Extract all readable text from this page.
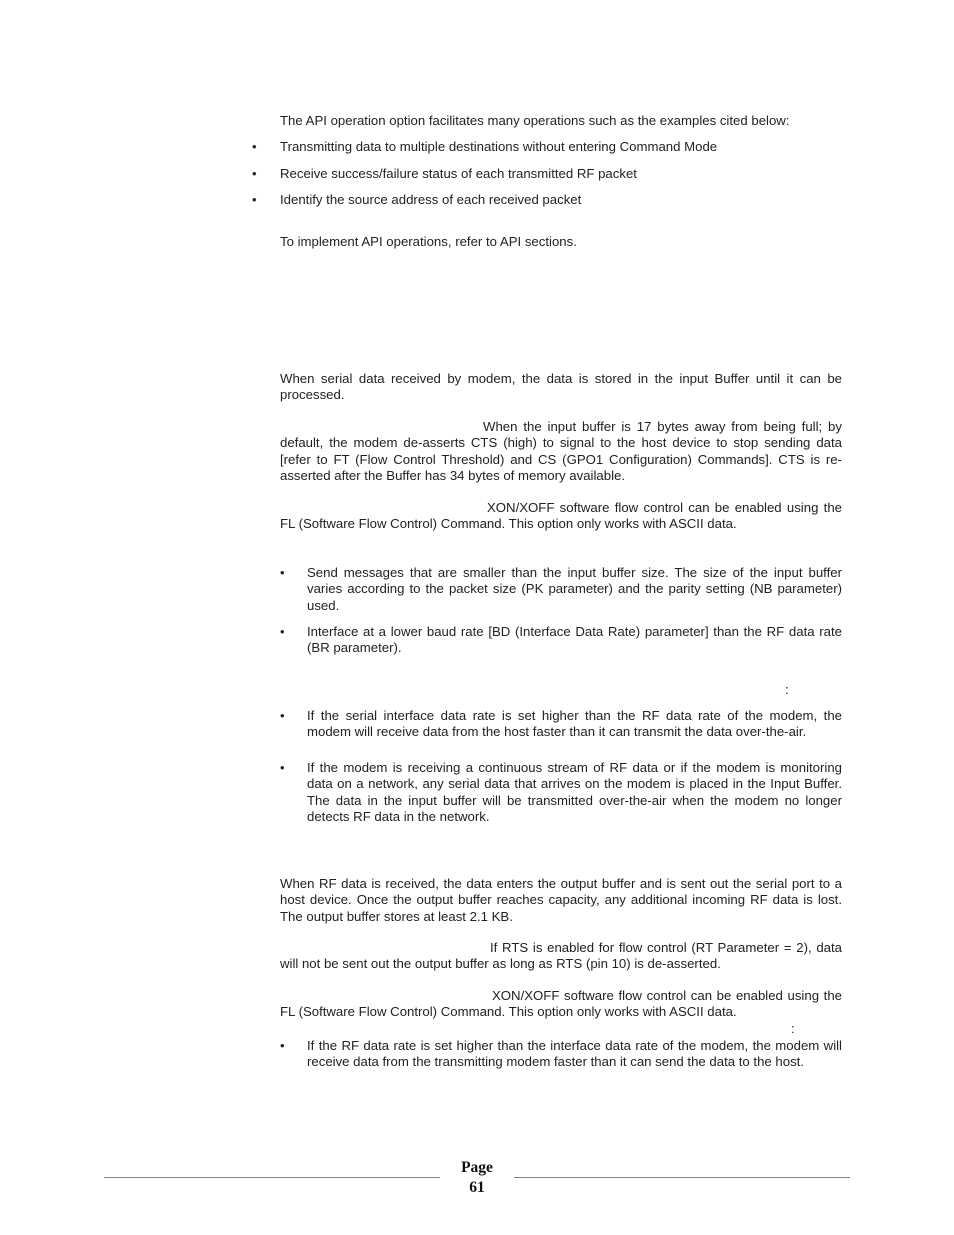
The API operation option facilitates many operations such as the examples cited below:
• Transmitting data to multiple destinations without entering Command Mode
• Receive success/failure status of each transmitted RF packet
• Identify the source address of each received packet
To implement API operations, refer to API sections.
When serial data received by modem, the data is stored in the input Buffer until it can be processed.
When the input buffer is 17 bytes away from being full; by default, the modem de-asserts CTS (high) to signal to the host device to stop sending data [refer to FT (Flow Control Threshold) and CS (GPO1 Configuration) Commands]. CTS is re-asserted after the Buffer has 34 bytes of memory available.
XON/XOFF software flow control can be enabled using the FL (Software Flow Control) Command. This option only works with ASCII data.
• Send messages that are smaller than the input buffer size. The size of the input buffer varies according to the packet size (PK parameter) and the parity setting (NB parameter) used.
• Interface at a lower baud rate [BD (Interface Data Rate) parameter] than the RF data rate (BR parameter).
:
• If the serial interface data rate is set higher than the RF data rate of the modem, the modem will receive data from the host faster than it can transmit the data over-the-air.
• If the modem is receiving a continuous stream of RF data or if the modem is monitoring data on a network, any serial data that arrives on the modem is placed in the Input Buffer. The data in the input buffer will be transmitted over-the-air when the modem no longer detects RF data in the network.
When RF data is received, the data enters the output buffer and is sent out the serial port to a host device. Once the output buffer reaches capacity, any additional incoming RF data is lost. The output buffer stores at least 2.1 KB.
If RTS is enabled for flow control (RT Parameter = 2), data will not be sent out the output buffer as long as RTS (pin 10) is de-asserted.
XON/XOFF software flow control can be enabled using the FL (Software Flow Control) Command. This option only works with ASCII data.
:
• If the RF data rate is set higher than the interface data rate of the modem, the modem will receive data from the transmitting modem faster than it can send the data to the host.
Page
61
